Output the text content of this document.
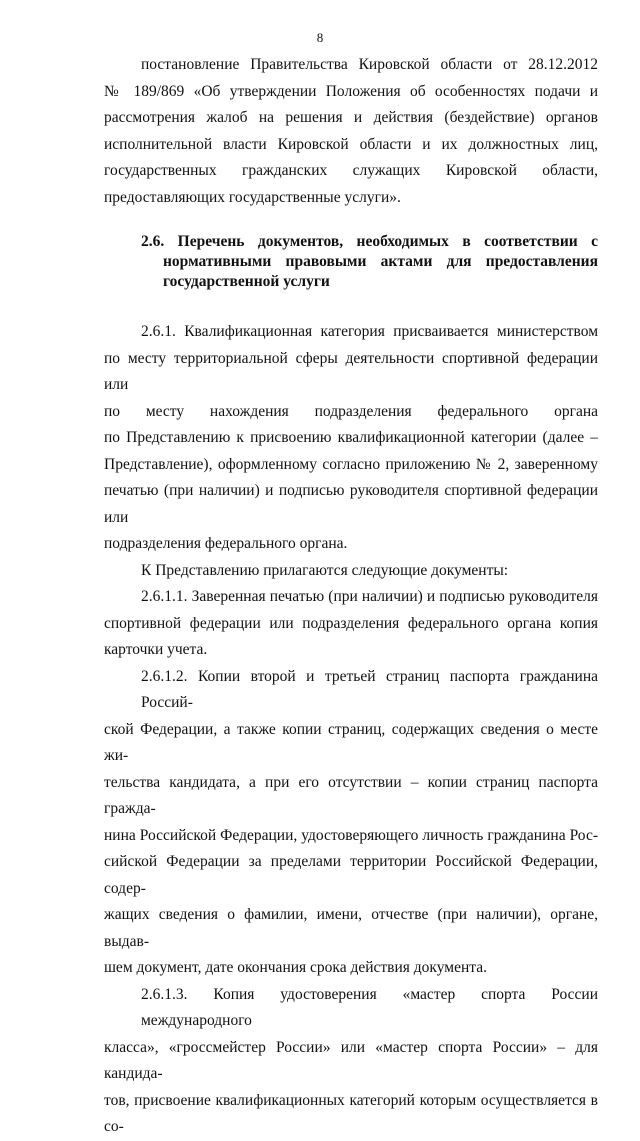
8

постановление Правительства Кировской области от 28.12.2012

№ 189/869 «Об утверждении Положения об особенностях подачи и

рассмотрения жалоб на решения и действия (бездействие) органов

исполнительной власти Кировской области и их должностных лиц,

государственных гражданских служащих Кировской области,

предоставляющих государственные услуги».

2.6. Перечень документов, необходимых в соответствии с

нормативными правовыми актами для предоставления

государственной услуги

2.6.1. Квалификационная категория присваивается министерством

по месту территориальной сферы деятельности спортивной федерации или

по месту нахождения подразделения федерального органа

по Представлению к присвоению квалификационной категории (далее –

Представление), оформленному согласно приложению № 2, заверенному

печатью (при наличии) и подписью руководителя спортивной федерации или

подразделения федерального органа.

К Представлению прилагаются следующие документы:

2.6.1.1. Заверенная печатью (при наличии) и подписью руководителя

спортивной федерации или подразделения федерального органа копия

карточки учета.

2.6.1.2. Копии второй и третьей страниц паспорта гражданина Россий-

ской Федерации, а также копии страниц, содержащих сведения о месте жи-

тельства кандидата, а при его отсутствии – копии страниц паспорта гражда-

нина Российской Федерации, удостоверяющего личность гражданина Рос-

сийской Федерации за пределами территории Российской Федерации, содер-

жащих сведения о фамилии, имени, отчестве (при наличии), органе, выдав-

шем документ, дате окончания срока действия документа.

2.6.1.3. Копия удостоверения «мастер спорта России международного

класса», «гроссмейстер России» или «мастер спорта России» – для кандида-

тов, присвоение квалификационных категорий которым осуществляется в со-
